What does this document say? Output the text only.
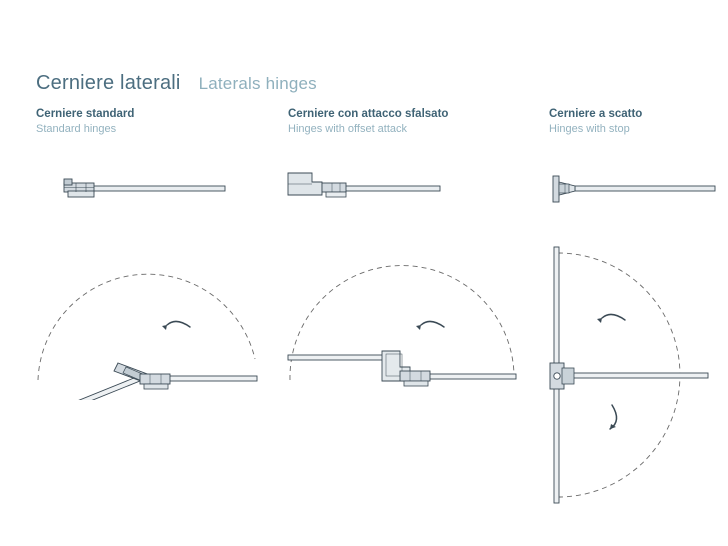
Cerniere laterali Laterals hinges
Cerniere standard
Standard hinges
Cerniere con attacco sfalsato
Hinges with offset attack
Cerniere a scatto
Hinges with stop
